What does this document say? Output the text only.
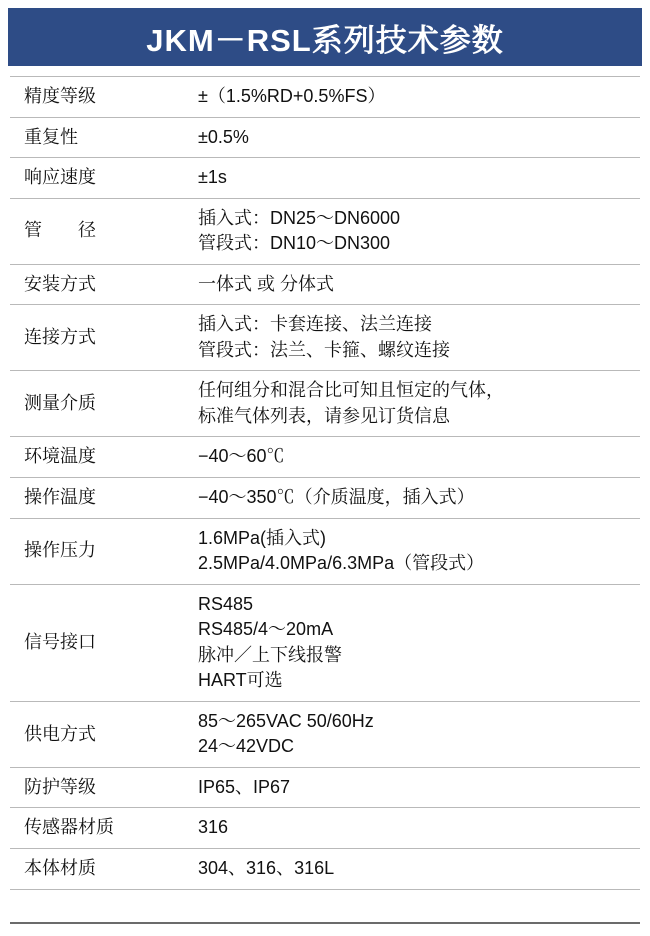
JKM－RSL系列技术参数
精度等级	±（1.5%RD+0.5%FS）

重复性	±0.5%

响应速度	±1s

管　　径	插入式：DN25～DN6000
管段式：DN10～DN300

安装方式	一体式 或 分体式

连接方式	插入式：卡套连接、法兰连接
管段式：法兰、卡箍、螺纹连接

测量介质	任何组分和混合比可知且恒定的气体，
标准气体列表，请参见订货信息

环境温度	−40～60℃

操作温度	−40～350℃（介质温度，插入式）

操作压力	1.6MPa(插入式)
2.5MPa/4.0MPa/6.3MPa（管段式）

信号接口	RS485
RS485/4～20mA
脉冲／上下线报警
HART可选

供电方式	85～265VAC 50/60Hz
24～42VDC

防护等级	IP65、IP67

传感器材质	316

本体材质	304、316、316L
